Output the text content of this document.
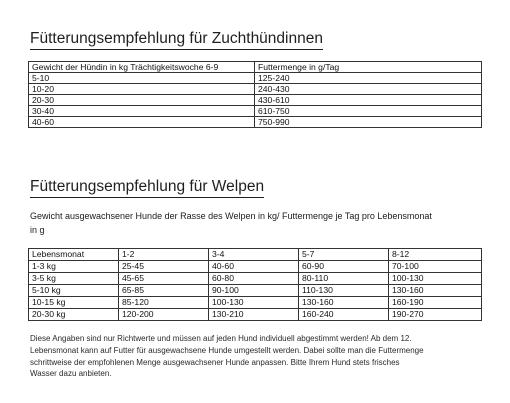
Fütterungsempfehlung für Zuchthündinnen
Gewicht der Hündin in kg Trächtigkeitswoche 6-9	Futtermenge in g/Tag
5-10	125-240
10-20	240-430
20-30	430-610
30-40	610-750
40-60	750-990
Fütterungsempfehlung für Welpen

Gewicht ausgewachsener Hunde der Rasse des Welpen in kg/ Futtermenge je Tag pro Lebensmonat
in g

Lebensmonat	1-2	3-4	5-7	8-12
1-3 kg	25-45	40-60	60-90	70-100
3-5 kg	45-65	60-80	80-110	100-130
5-10 kg	65-85	90-100	110-130	130-160
10-15 kg	85-120	100-130	130-160	160-190
20-30 kg	120-200	130-210	160-240	190-270

Diese Angaben sind nur Richtwerte und müssen auf jeden Hund individuell abgestimmt werden! Ab dem 12.
Lebensmonat kann auf Futter für ausgewachsene Hunde umgestellt werden. Dabei sollte man die Futtermenge
schrittweise der empfohlenen Menge ausgewachsener Hunde anpassen. Bitte Ihrem Hund stets frisches
Wasser dazu anbieten.
